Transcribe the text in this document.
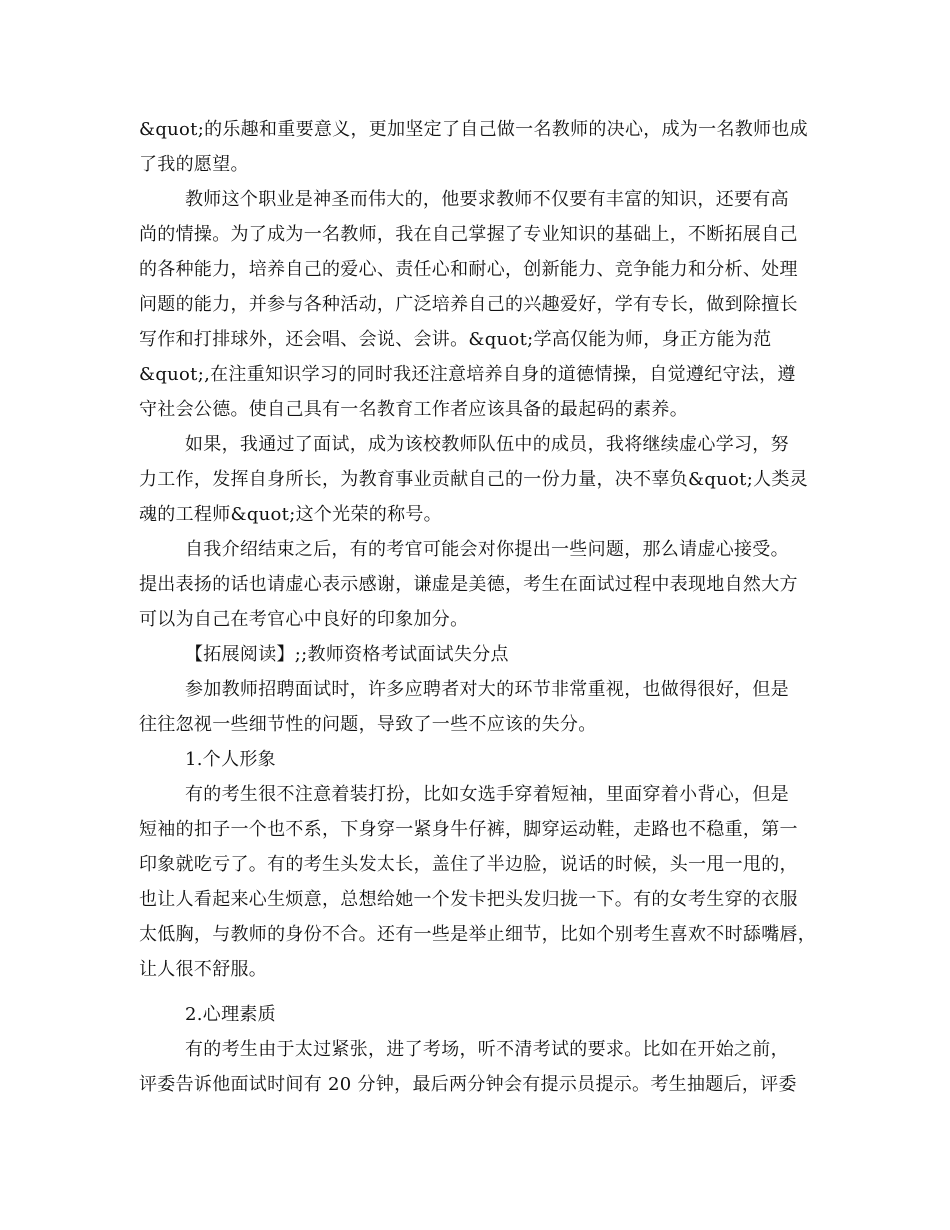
&quot;的乐趣和重要意义，更加坚定了自己做一名教师的决心，成为一名教师也成
了我的愿望。
教师这个职业是神圣而伟大的，他要求教师不仅要有丰富的知识，还要有高
尚的情操。为了成为一名教师，我在自己掌握了专业知识的基础上，不断拓展自己
的各种能力，培养自己的爱心、责任心和耐心，创新能力、竞争能力和分析、处理
问题的能力，并参与各种活动，广泛培养自己的兴趣爱好，学有专长，做到除擅长
写作和打排球外，还会唱、会说、会讲。&quot;学高仅能为师，身正方能为范
&quot;,在注重知识学习的同时我还注意培养自身的道德情操，自觉遵纪守法，遵
守社会公德。使自己具有一名教育工作者应该具备的最起码的素养。
如果，我通过了面试，成为该校教师队伍中的成员，我将继续虚心学习，努
力工作，发挥自身所长，为教育事业贡献自己的一份力量，决不辜负&quot;人类灵
魂的工程师&quot;这个光荣的称号。
自我介绍结束之后，有的考官可能会对你提出一些问题，那么请虚心接受。
提出表扬的话也请虚心表示感谢，谦虚是美德，考生在面试过程中表现地自然大方
可以为自己在考官心中良好的印象加分。
【拓展阅读】;;教师资格考试面试失分点
参加教师招聘面试时，许多应聘者对大的环节非常重视，也做得很好，但是
往往忽视一些细节性的问题，导致了一些不应该的失分。
1.个人形象
有的考生很不注意着装打扮，比如女选手穿着短袖，里面穿着小背心，但是
短袖的扣子一个也不系，下身穿一紧身牛仔裤，脚穿运动鞋，走路也不稳重，第一
印象就吃亏了。有的考生头发太长，盖住了半边脸，说话的时候，头一甩一甩的，
也让人看起来心生烦意，总想给她一个发卡把头发归拢一下。有的女考生穿的衣服
太低胸，与教师的身份不合。还有一些是举止细节，比如个别考生喜欢不时舔嘴唇，
让人很不舒服。
2.心理素质
有的考生由于太过紧张，进了考场，听不清考试的要求。比如在开始之前，
评委告诉他面试时间有 20 分钟，最后两分钟会有提示员提示。考生抽题后，评委
